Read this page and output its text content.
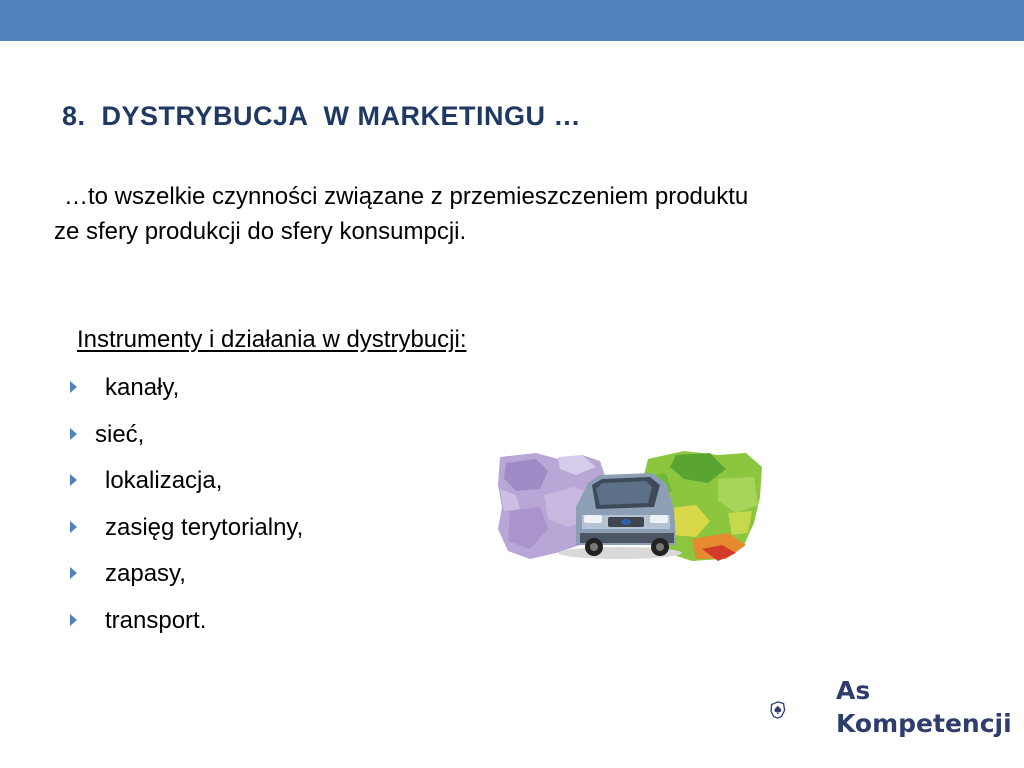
8. DYSTRYBUCJA  W MARKETINGU …
…to wszelkie czynności związane z przemieszczeniem produktu
ze sfery produkcji do sfery konsumpcji.
Instrumenty i działania w dystrybucji:
kanały,
sieć,
lokalizacja,
zasięg terytorialny,
zapasy,
transport.
As
Kompetencji
